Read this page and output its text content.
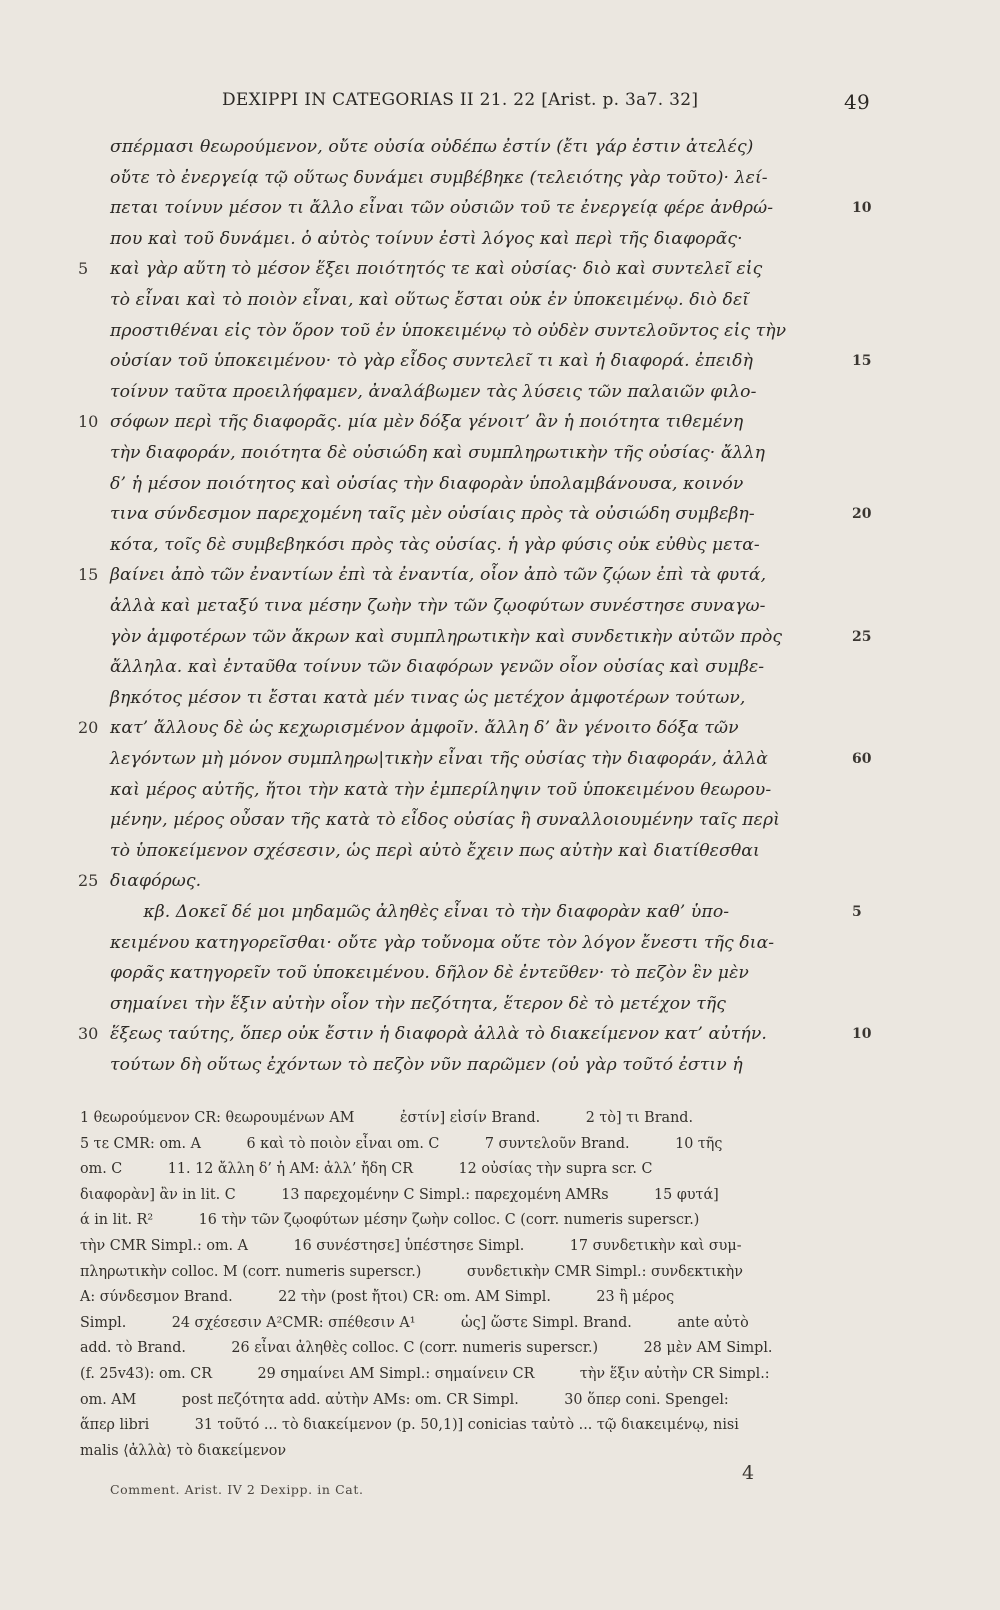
DEXIPPI IN CATEGORIAS II 21. 22 [Arist. p. 3a7. 32]	49
σπέρμασι θεωρούμενον, οὔτε οὐσία οὐδέπω ἐστίν (ἔτι γάρ ἐστιν ἀτελές)
οὔτε τὸ ἐνεργείᾳ τῷ οὕτως δυνάμει συμβέβηκε (τελειότης γὰρ τοῦτο)· λεί-
πεται τοίνυν μέσον τι ἄλλο εἶναι τῶν οὐσιῶν τοῦ τε ἐνεργείᾳ φέρε ἀνθρώ-	10
που καὶ τοῦ δυνάμει. ὁ αὐτὸς τοίνυν ἐστὶ λόγος καὶ περὶ τῆς διαφορᾶς·
5	καὶ γὰρ αὕτη τὸ μέσον ἕξει ποιότητός τε καὶ οὐσίας· διὸ καὶ συντελεῖ εἰς
τὸ εἶναι καὶ τὸ ποιὸν εἶναι, καὶ οὕτως ἔσται οὐκ ἐν ὑποκειμένῳ. διὸ δεῖ
προστιθέναι εἰς τὸν ὅρον τοῦ ἐν ὑποκειμένῳ τὸ οὐδὲν συντελοῦντος εἰς τὴν
οὐσίαν τοῦ ὑποκειμένου· τὸ γὰρ εἶδος συντελεῖ τι καὶ ἡ διαφορά. ἐπειδὴ	15
τοίνυν ταῦτα προειλήφαμεν, ἀναλάβωμεν τὰς λύσεις τῶν παλαιῶν φιλο-
10 σόφων περὶ τῆς διαφορᾶς. μία μὲν δόξα γένοιτ’ ἂν ἡ ποιότητα τιθεμένη
τὴν διαφοράν, ποιότητα δὲ οὐσιώδη καὶ συμπληρωτικὴν τῆς οὐσίας· ἄλλη
δ’ ἡ μέσον ποιότητος καὶ οὐσίας τὴν διαφορὰν ὑπολαμβάνουσα, κοινόν
τινα σύνδεσμον παρεχομένη ταῖς μὲν οὐσίαις πρὸς τὰ οὐσιώδη συμβεβη-	20
κότα, τοῖς δὲ συμβεβηκόσι πρὸς τὰς οὐσίας. ἡ γὰρ φύσις οὐκ εὐθὺς μετα-
15 βαίνει ἀπὸ τῶν ἐναντίων ἐπὶ τὰ ἐναντία, οἷον ἀπὸ τῶν ζῴων ἐπὶ τὰ φυτά,
ἀλλὰ καὶ μεταξύ τινα μέσην ζωὴν τὴν τῶν ζῳοφύτων συνέστησε συναγω-
γὸν ἀμφοτέρων τῶν ἄκρων καὶ συμπληρωτικὴν καὶ συνδετικὴν αὐτῶν πρὸς	25
ἄλληλα. καὶ ἐνταῦθα τοίνυν τῶν διαφόρων γενῶν οἷον οὐσίας καὶ συμβε-
βηκότος μέσον τι ἔσται κατὰ μέν τινας ὡς μετέχον ἀμφοτέρων τούτων,
20 κατ’ ἄλλους δὲ ὡς κεχωρισμένον ἀμφοῖν. ἄλλη δ’ ἂν γένοιτο δόξα τῶν
λεγόντων μὴ μόνον συμπληρω|τικὴν εἶναι τῆς οὐσίας τὴν διαφοράν, ἀλλὰ	60
καὶ μέρος αὐτῆς, ἤτοι τὴν κατὰ τὴν ἐμπερίληψιν τοῦ ὑποκειμένου θεωρου-
μένην, μέρος οὖσαν τῆς κατὰ τὸ εἶδος οὐσίας ἢ συναλλοιουμένην ταῖς περὶ
τὸ ὑποκείμενον σχέσεσιν, ὡς περὶ αὐτὸ ἔχειν πως αὐτὴν καὶ διατίθεσθαι
25 διαφόρως.
κβ. Δοκεῖ δέ μοι μηδαμῶς ἀληθὲς εἶναι τὸ τὴν διαφορὰν καθ’ ὑπο-	5
κειμένου κατηγορεῖσθαι· οὔτε γὰρ τοὔνομα οὔτε τὸν λόγον ἔνεστι τῆς δια-
φορᾶς κατηγορεῖν τοῦ ὑποκειμένου. δῆλον δὲ ἐντεῦθεν· τὸ πεζὸν ἓν μὲν
σημαίνει τὴν ἕξιν αὐτὴν οἷον τὴν πεζότητα, ἕτερον δὲ τὸ μετέχον τῆς
30 ἕξεως ταύτης, ὅπερ οὐκ ἔστιν ἡ διαφορὰ ἀλλὰ τὸ διακείμενον κατ’ αὐτήν.	10
τούτων δὴ οὕτως ἐχόντων τὸ πεζὸν νῦν παρῶμεν (οὐ γὰρ τοῦτό ἐστιν ἡ
1 θεωρούμενον CR: θεωρουμένων AM          ἐστίν] εἰσίν Brand.          2 τὸ] τι Brand.
5 τε CMR: om. A          6 καὶ τὸ ποιὸν εἶναι om. C          7 συντελοῦν Brand.          10 τῆς
om. C          11. 12 ἄλλη δ’ ἡ AM: ἀλλ’ ἤδη CR          12 οὐσίας τὴν supra scr. C
διαφορὰν] ἂν in lit. C          13 παρεχομένην C Simpl.: παρεχομένη AMRs          15 φυτά]
ά in lit. R²          16 τὴν τῶν ζῳοφύτων μέσην ζωὴν colloc. C (corr. numeris superscr.)
τὴν CMR Simpl.: om. A          16 συνέστησε] ὑπέστησε Simpl.          17 συνδετικὴν καὶ συμ-
πληρωτικὴν colloc. M (corr. numeris superscr.)          συνδετικὴν CMR Simpl.: συνδεκτικὴν
A: σύνδεσμον Brand.          22 τὴν (post ἤτοι) CR: om. AM Simpl.          23 ἢ μέρος
Simpl.          24 σχέσεσιν A²CMR: σπέθεσιν A¹          ὡς] ὥστε Simpl. Brand.          ante αὐτὸ
add. τὸ Brand.          26 εἶναι ἀληθὲς colloc. C (corr. numeris superscr.)          28 μὲν AM Simpl.
(f. 25v43): om. CR          29 σημαίνει AM Simpl.: σημαίνειν CR          τὴν ἕξιν αὐτὴν CR Simpl.:
om. AM          post πεζότητα add. αὐτὴν AMs: om. CR Simpl.          30 ὅπερ coni. Spengel:
ἅπερ libri          31 τοῦτό ... τὸ διακείμενον (p. 50,1)] conicias ταὐτὸ ... τῷ διακειμένῳ, nisi
malis ⟨ἀλλὰ⟩ τὸ διακείμενον
4
Comment. Arist. IV 2 Dexipp. in Cat.
